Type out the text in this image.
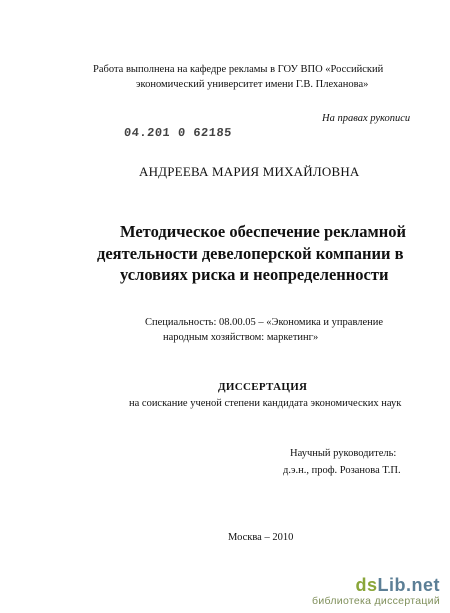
Работа выполнена на кафедре рекламы в ГОУ ВПО «Российский
экономический университет имени Г.В. Плеханова»
На правах рукописи
04.201 0 62185
АНДРЕЕВА МАРИЯ МИХАЙЛОВНА
Методическое обеспечение рекламной
деятельности девелоперской компании в
условиях риска и неопределенности
Специальность: 08.00.05 – «Экономика и управление
народным хозяйством: маркетинг»
ДИССЕРТАЦИЯ
на соискание ученой степени кандидата экономических наук
Научный руководитель:
д.э.н., проф. Розанова Т.П.
Москва – 2010
dsLib.net
библиотека диссертаций
